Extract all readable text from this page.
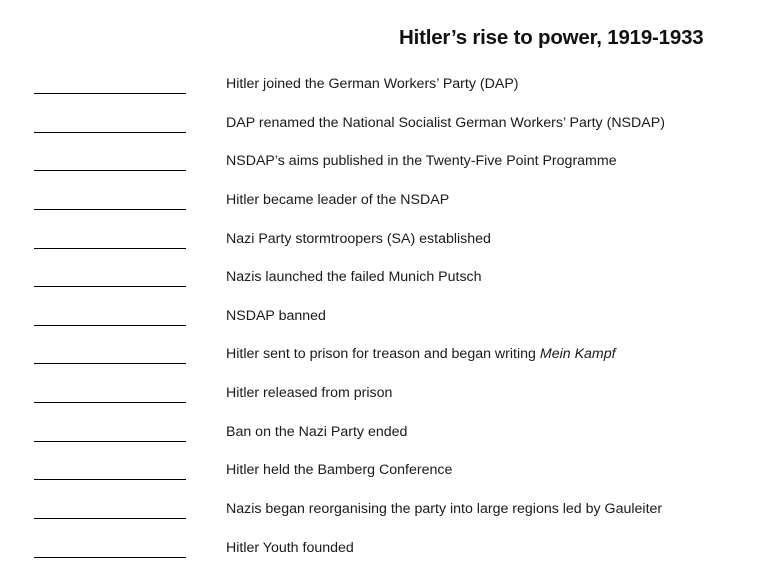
Hitler’s rise to power, 1919-1933
Hitler joined the German Workers’ Party (DAP)
DAP renamed the National Socialist German Workers’ Party (NSDAP)
NSDAP’s aims published in the Twenty-Five Point Programme
Hitler became leader of the NSDAP
Nazi Party stormtroopers (SA) established
Nazis launched the failed Munich Putsch
NSDAP banned
Hitler sent to prison for treason and began writing Mein Kampf
Hitler released from prison
Ban on the Nazi Party ended
Hitler held the Bamberg Conference
Nazis began reorganising the party into large regions led by Gauleiter
Hitler Youth founded
